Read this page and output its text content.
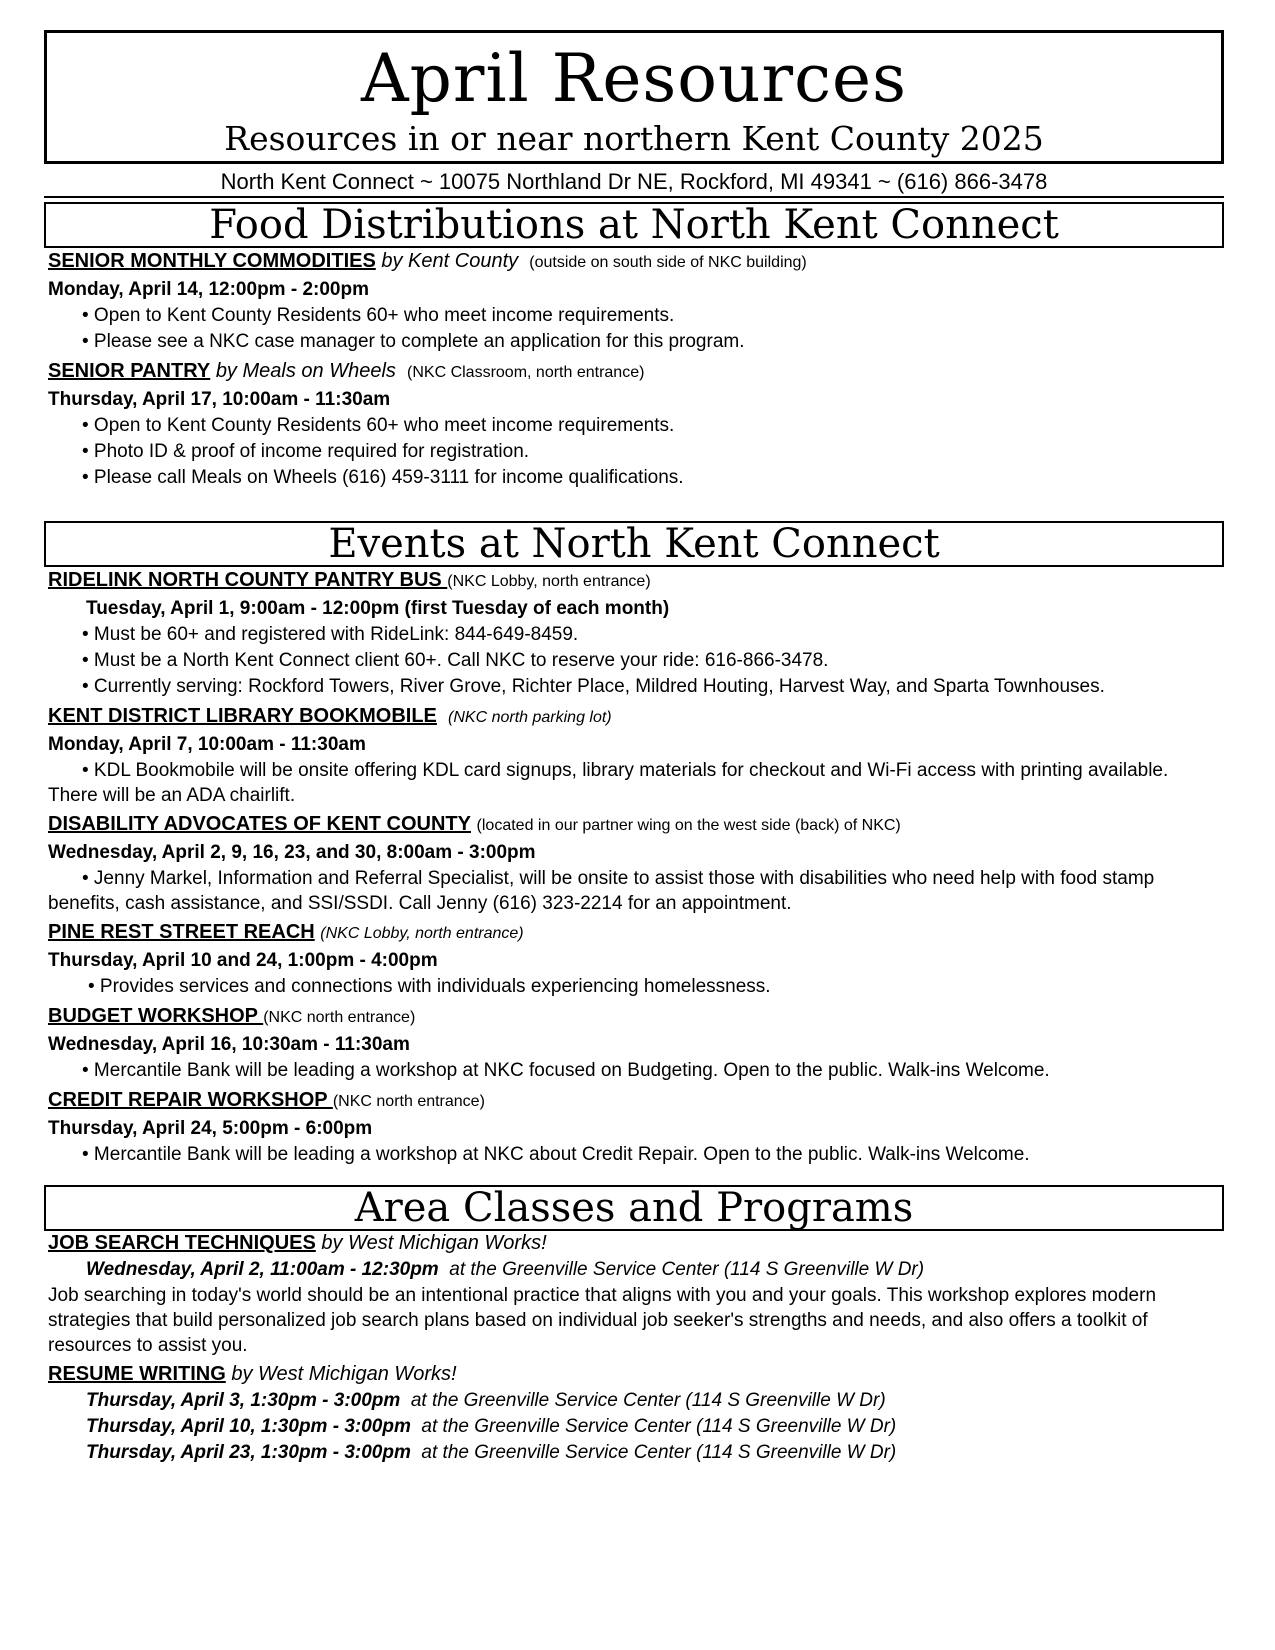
April Resources
Resources in or near northern Kent County 2025
North Kent Connect ~ 10075 Northland Dr NE, Rockford, MI 49341 ~ (616) 866-3478
Food Distributions at North Kent Connect
SENIOR MONTHLY COMMODITIES by Kent County (outside on south side of NKC building)
Monday, April 14, 12:00pm - 2:00pm
• Open to Kent County Residents 60+ who meet income requirements.
• Please see a NKC case manager to complete an application for this program.
SENIOR PANTRY by Meals on Wheels (NKC Classroom, north entrance)
Thursday, April 17, 10:00am - 11:30am
• Open to Kent County Residents 60+ who meet income requirements.
• Photo ID & proof of income required for registration.
• Please call Meals on Wheels (616) 459-3111 for income qualifications.
Events at North Kent Connect
RIDELINK NORTH COUNTY PANTRY BUS (NKC Lobby, north entrance)
Tuesday, April 1, 9:00am - 12:00pm (first Tuesday of each month)
• Must be 60+ and registered with RideLink: 844-649-8459.
• Must be a North Kent Connect client 60+. Call NKC to reserve your ride: 616-866-3478.
• Currently serving: Rockford Towers, River Grove, Richter Place, Mildred Houting, Harvest Way, and Sparta Townhouses.
KENT DISTRICT LIBRARY BOOKMOBILE (NKC north parking lot)
Monday, April 7, 10:00am - 11:30am
• KDL Bookmobile will be onsite offering KDL card signups, library materials for checkout and Wi-Fi access with printing available. There will be an ADA chairlift.
DISABILITY ADVOCATES OF KENT COUNTY (located in our partner wing on the west side (back) of NKC)
Wednesday, April 2, 9, 16, 23, and 30, 8:00am - 3:00pm
• Jenny Markel, Information and Referral Specialist, will be onsite to assist those with disabilities who need help with food stamp benefits, cash assistance, and SSI/SSDI. Call Jenny (616) 323-2214 for an appointment.
PINE REST STREET REACH (NKC Lobby, north entrance)
Thursday, April 10 and 24, 1:00pm - 4:00pm
• Provides services and connections with individuals experiencing homelessness.
BUDGET WORKSHOP (NKC north entrance)
Wednesday, April 16, 10:30am - 11:30am
• Mercantile Bank will be leading a workshop at NKC focused on Budgeting. Open to the public. Walk-ins Welcome.
CREDIT REPAIR WORKSHOP (NKC north entrance)
Thursday, April 24, 5:00pm - 6:00pm
• Mercantile Bank will be leading a workshop at NKC about Credit Repair. Open to the public. Walk-ins Welcome.
Area Classes and Programs
JOB SEARCH TECHNIQUES by West Michigan Works!
Wednesday, April 2, 11:00am - 12:30pm at the Greenville Service Center (114 S Greenville W Dr)
Job searching in today's world should be an intentional practice that aligns with you and your goals. This workshop explores modern strategies that build personalized job search plans based on individual job seeker's strengths and needs, and also offers a toolkit of resources to assist you.
RESUME WRITING by West Michigan Works!
Thursday, April 3, 1:30pm - 3:00pm at the Greenville Service Center (114 S Greenville W Dr)
Thursday, April 10, 1:30pm - 3:00pm at the Greenville Service Center (114 S Greenville W Dr)
Thursday, April 23, 1:30pm - 3:00pm at the Greenville Service Center (114 S Greenville W Dr)
